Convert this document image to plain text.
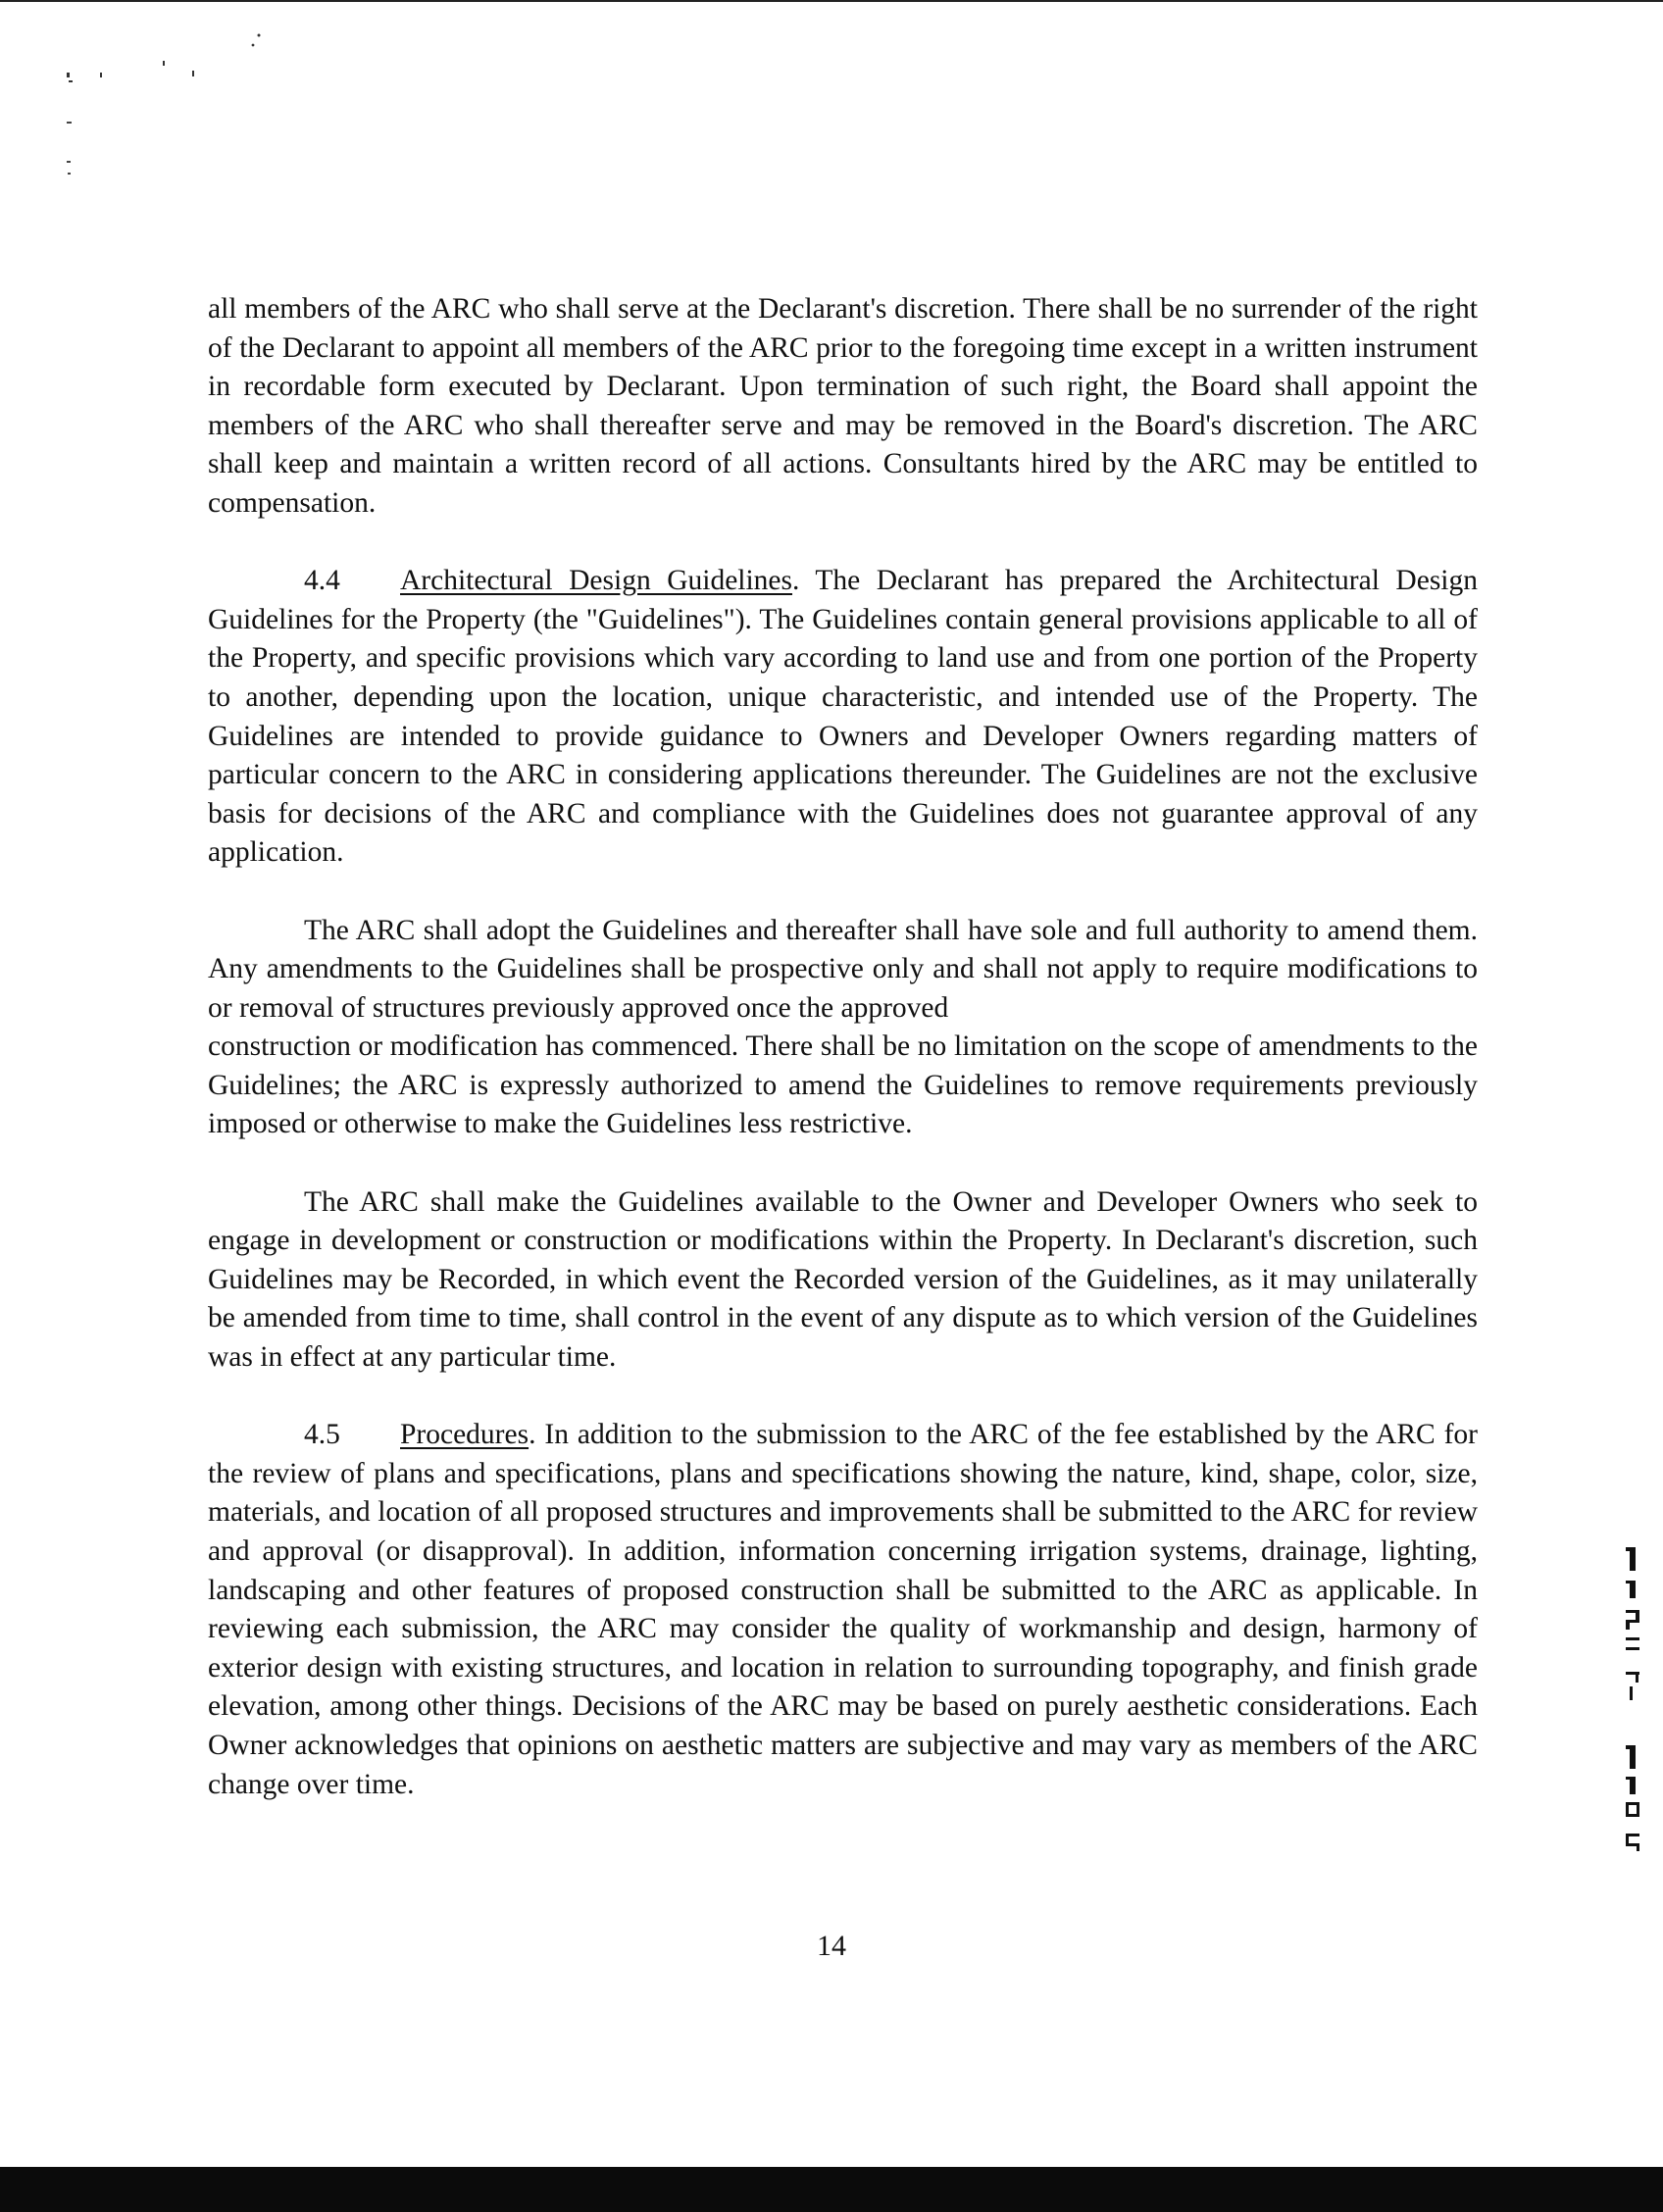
all members of the ARC who shall serve at the Declarant's discretion. There shall be no surrender of the right of the Declarant to appoint all members of the ARC prior to the foregoing time except in a written instrument in recordable form executed by Declarant. Upon termination of such right, the Board shall appoint the members of the ARC who shall thereafter serve and may be removed in the Board's discretion. The ARC shall keep and maintain a written record of all actions. Consultants hired by the ARC may be entitled to compensation.

4.4 Architectural Design Guidelines. The Declarant has prepared the Architectural Design Guidelines for the Property (the "Guidelines"). The Guidelines contain general provisions applicable to all of the Property, and specific provisions which vary according to land use and from one portion of the Property to another, depending upon the location, unique characteristic, and intended use of the Property. The Guidelines are intended to provide guidance to Owners and Developer Owners regarding matters of particular concern to the ARC in considering applications thereunder. The Guidelines are not the exclusive basis for decisions of the ARC and compliance with the Guidelines does not guarantee approval of any application.

The ARC shall adopt the Guidelines and thereafter shall have sole and full authority to amend them. Any amendments to the Guidelines shall be prospective only and shall not apply to require modifications to or removal of structures previously approved once the approved
construction or modification has commenced. There shall be no limitation on the scope of amendments to the Guidelines; the ARC is expressly authorized to amend the Guidelines to remove requirements previously imposed or otherwise to make the Guidelines less restrictive.

The ARC shall make the Guidelines available to the Owner and Developer Owners who seek to engage in development or construction or modifications within the Property. In Declarant's discretion, such Guidelines may be Recorded, in which event the Recorded version of the Guidelines, as it may unilaterally be amended from time to time, shall control in the event of any dispute as to which version of the Guidelines was in effect at any particular time.

4.5 Procedures. In addition to the submission to the ARC of the fee established by the ARC for the review of plans and specifications, plans and specifications showing the nature, kind, shape, color, size, materials, and location of all proposed structures and improvements shall be submitted to the ARC for review and approval (or disapproval). In addition, information concerning irrigation systems, drainage, lighting, landscaping and other features of proposed construction shall be submitted to the ARC as applicable. In reviewing each submission, the ARC may consider the quality of workmanship and design, harmony of exterior design with existing structures, and location in relation to surrounding topography, and finish grade elevation, among other things. Decisions of the ARC may be based on purely aesthetic considerations. Each Owner acknowledges that opinions on aesthetic matters are subjective and may vary as members of the ARC change over time.

14
